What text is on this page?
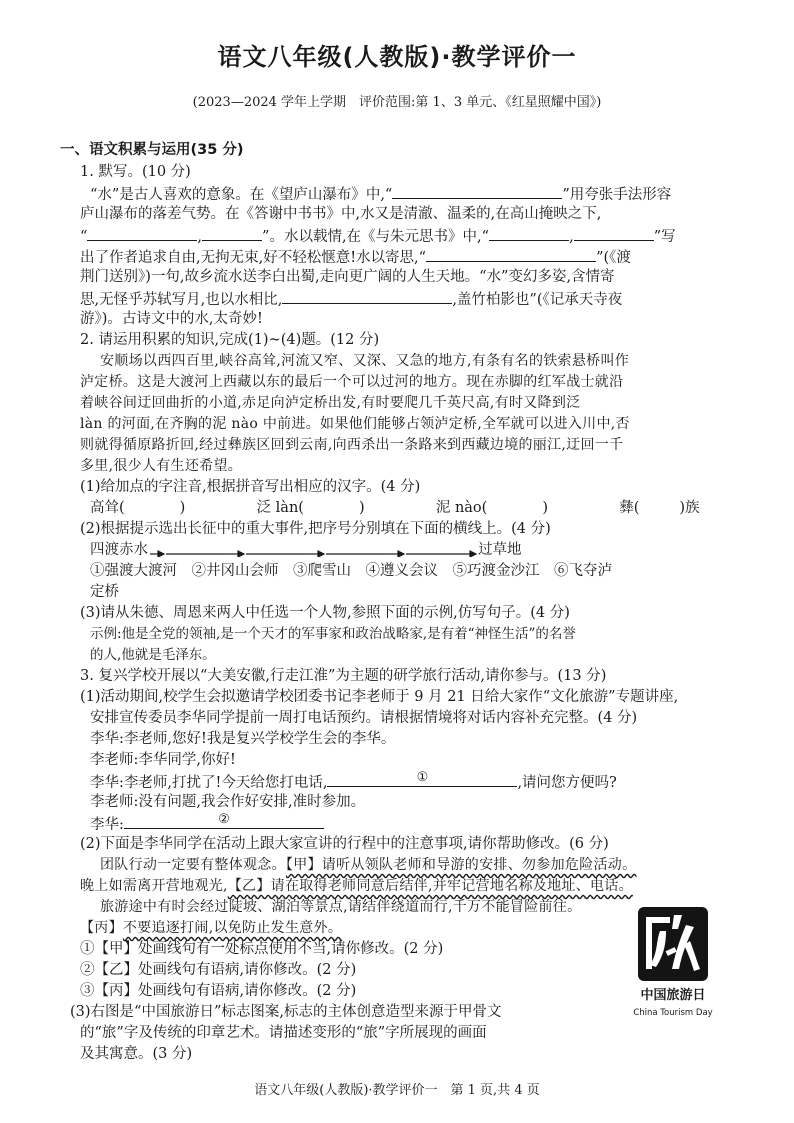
语文八年级(人教版)·教学评价一
(2023—2024 学年上学期　评价范围:第 1、3 单元、《红星照耀中国》)
一、语文积累与运用(35 分)
1. 默写。(10 分)
“水”是古人喜欢的意象。在《望庐山瀑布》中,“	”用夸张手法形容
庐山瀑布的落差气势。在《答谢中书书》中,水又是清澈、温柔的,在高山掩映之下,
“	,	”。水以载情,在《与朱元思书》中,“	,	”写
出了作者追求自由,无拘无束,好不轻松惬意!水以寄思,“	”(《渡
荆门送别》)一句,故乡流水送李白出蜀,走向更广阔的人生天地。“水”变幻多姿,含情寄
思,无怪乎苏轼写月,也以水相比,	,盖竹柏影也”(《记承天寺夜
游》)。古诗文中的水,太奇妙!
2. 请运用积累的知识,完成(1)~(4)题。(12 分)
安顺场以西四百里,峡谷高耸,河流又窄、又深、又急的地方,有条有名的铁索悬桥叫作
泸定桥。这是大渡河上西藏以东的最后一个可以过河的地方。现在赤脚的红军战士就沿
着峡谷间迂回曲折的小道,赤足向泸定桥出发,有时要爬几千英尺高,有时又降到泛
làn 的河面,在齐胸的泥 nào 中前进。如果他们能够占领泸定桥,全军就可以进入川中,否
则就得循原路折回,经过彝族区回到云南,向西杀出一条路来到西藏边境的丽江,迂回一千
多里,很少人有生还希望。
(1)给加点的字注音,根据拼音写出相应的汉字。(4 分)
高耸(	)	泛 làn(	)	泥 nào(	)	彝(	)族
(2)根据提示选出长征中的重大事件,把序号分别填在下面的横线上。(4 分)
四渡赤水	过草地
①强渡大渡河　②井冈山会师　③爬雪山　④遵义会议　⑤巧渡金沙江　⑥飞夺泸
定桥
(3)请从朱德、周恩来两人中任选一个人物,参照下面的示例,仿写句子。(4 分)
示例:他是全党的领袖,是一个天才的军事家和政治战略家,是有着“神怪生活”的名誉
的人,他就是毛泽东。
3. 复兴学校开展以“大美安徽,行走江淮”为主题的研学旅行活动,请你参与。(13 分)
(1)活动期间,校学生会拟邀请学校团委书记李老师于 9 月 21 日给大家作“文化旅游”专题讲座,
安排宣传委员李华同学提前一周打电话预约。请根据情境将对话内容补充完整。(4 分)
李华:李老师,您好!我是复兴学校学生会的李华。
李老师:李华同学,你好!
李华:李老师,打扰了!今天给您打电话,	①	,请问您方便吗?
李老师:没有问题,我会作好安排,准时参加。
李华:	②
(2)下面是李华同学在活动上跟大家宣讲的行程中的注意事项,请你帮助修改。(6 分)
团队行动一定要有整体观念。【甲】请听从领队老师和导游的安排、勿参加危险活动。
晚上如需离开营地观光,【乙】请在取得老师同意后结伴,并牢记营地名称及地址、电话。
旅游途中有时会经过陡坡、湖泊等景点,请结伴绕道而行,千万不能冒险前往。
【丙】不要追逐打闹,以免防止发生意外。
①【甲】处画线句有一处标点使用不当,请你修改。(2 分)
②【乙】处画线句有语病,请你修改。(2 分)
③【丙】处画线句有语病,请你修改。(2 分)
(3)右图是“中国旅游日”标志图案,标志的主体创意造型来源于甲骨文
的“旅”字及传统的印章艺术。请描述变形的“旅”字所展现的画面
及其寓意。(3 分)
中国旅游日
China Tourism Day
语文八年级(人教版)·教学评价一　第 1 页,共 4 页
